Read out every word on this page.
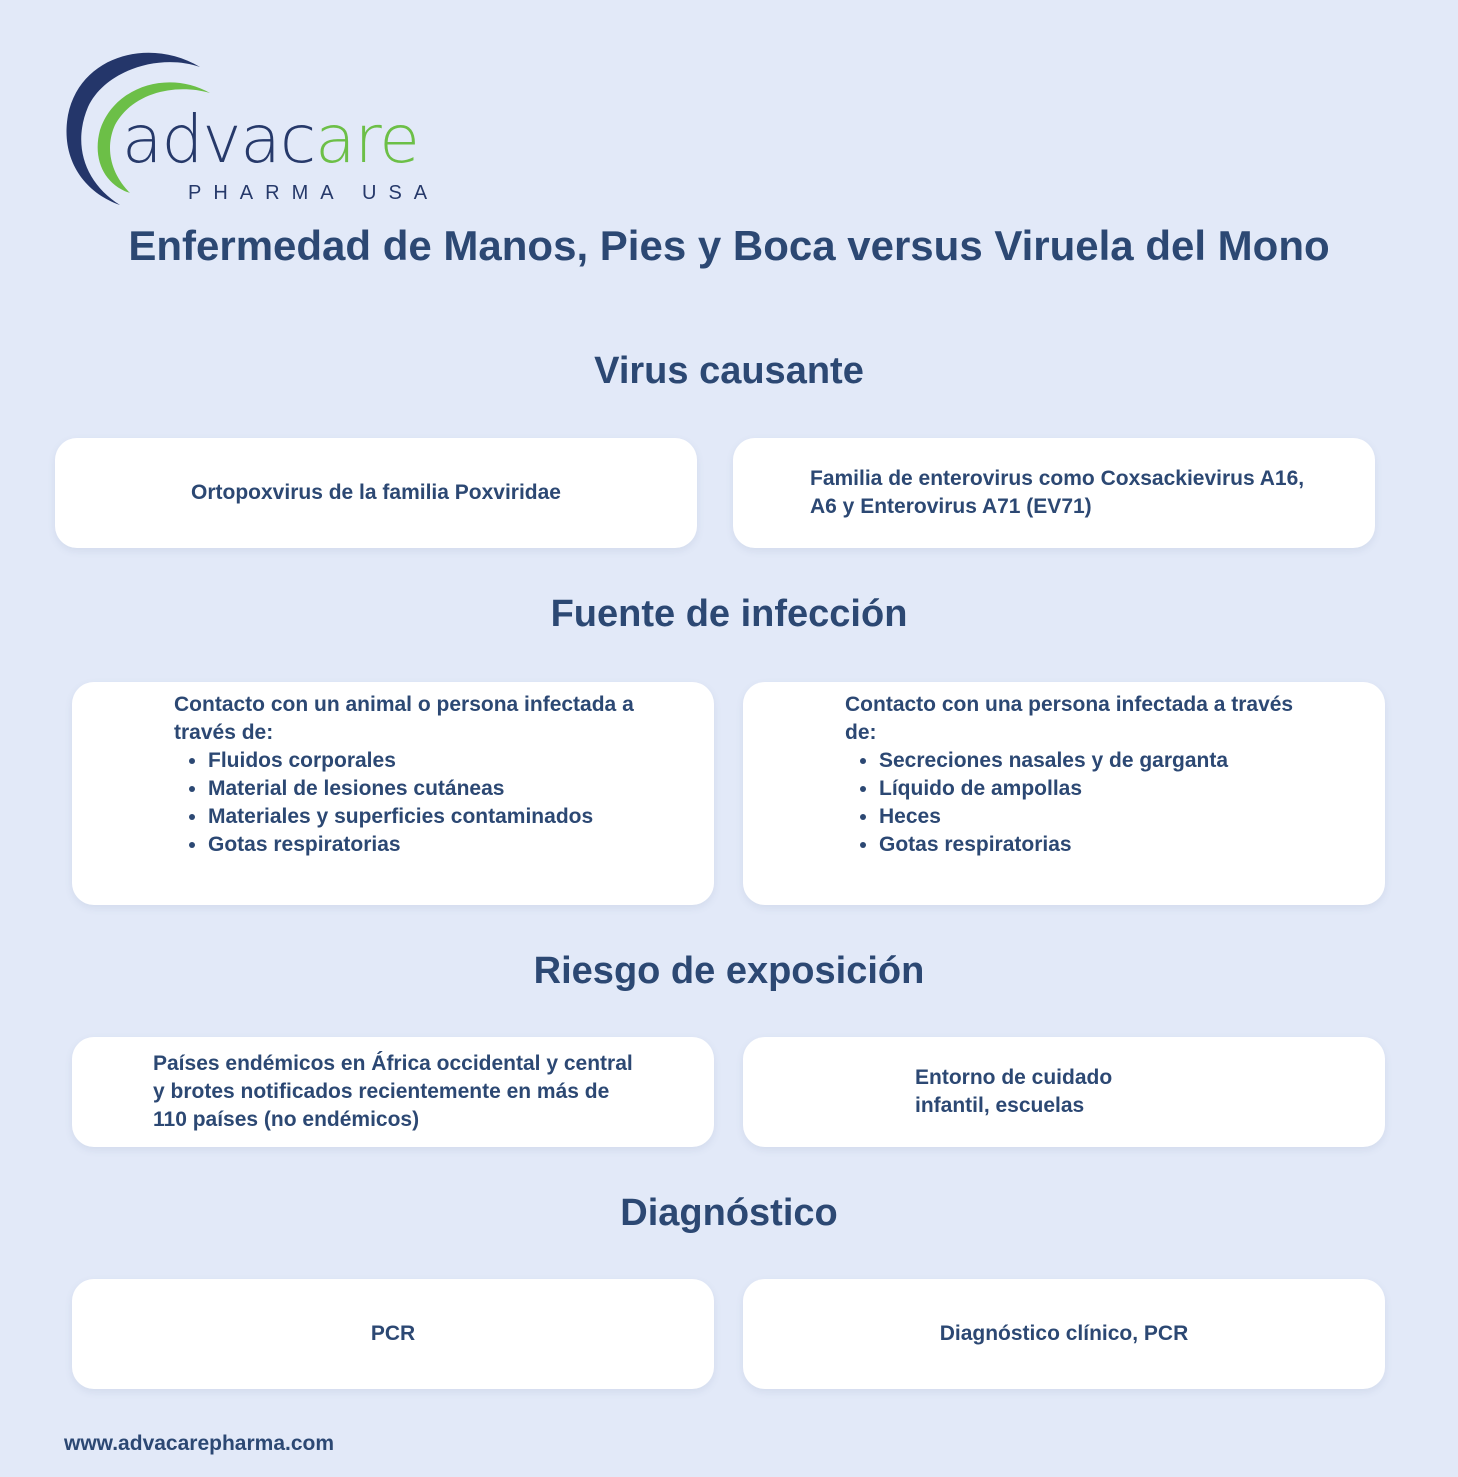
advacare
PHARMA USA
Enfermedad de Manos, Pies y Boca versus Viruela del Mono
Virus causante
Ortopoxvirus de la familia Poxviridae
Familia de enterovirus como Coxsackievirus A16, A6 y Enterovirus A71 (EV71)
Fuente de infección
Contacto con un animal o persona infectada a través de:
• Fluidos corporales
• Material de lesiones cutáneas
• Materiales y superficies contaminados
• Gotas respiratorias
Contacto con una persona infectada a través de:
• Secreciones nasales y de garganta
• Líquido de ampollas
• Heces
• Gotas respiratorias
Riesgo de exposición
Países endémicos en África occidental y central y brotes notificados recientemente en más de 110 países (no endémicos)
Entorno de cuidado infantil, escuelas
Diagnóstico
PCR	Diagnóstico clínico, PCR
www.advacarepharma.com
